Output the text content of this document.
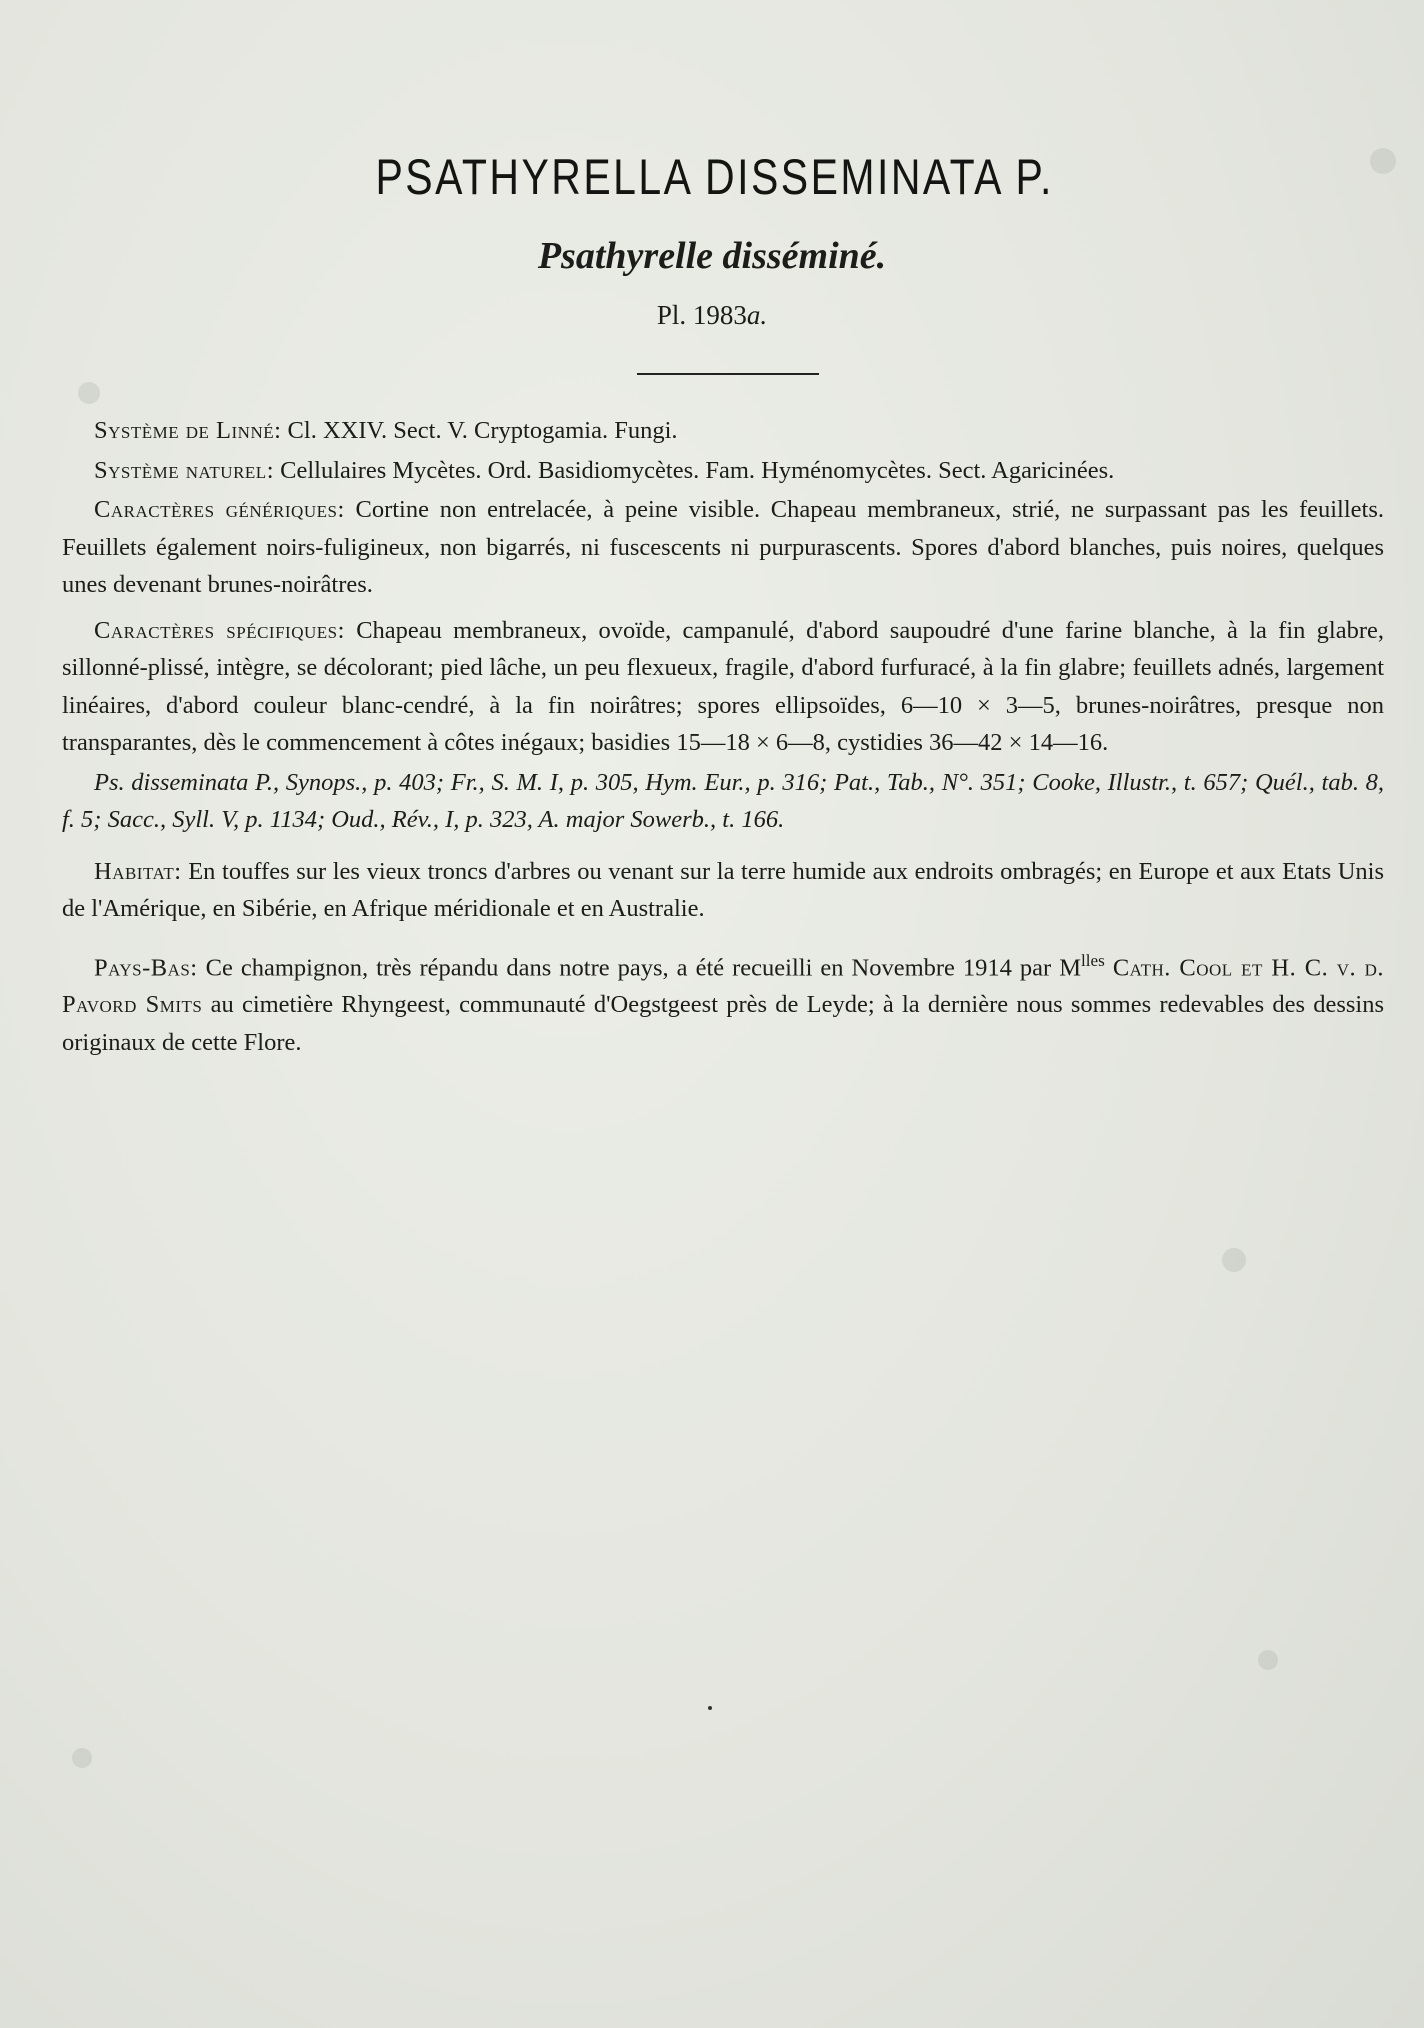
PSATHYRELLA DISSEMINATA P.
Psathyrelle disséminé.

Pl. 1983a.

Système de Linné: Cl. XXIV. Sect. V. Cryptogamia. Fungi.

Système naturel: Cellulaires Mycètes. Ord. Basidiomycètes. Fam. Hyménomycètes. Sect. Agaricinées.

Caractères génériques: Cortine non entrelacée, à peine visible. Chapeau membraneux, strié, ne surpassant pas les feuillets. Feuillets également noirs-fuligineux, non bigarrés, ni fuscescents ni purpurascents. Spores d'abord blanches, puis noires, quelques unes devenant brunes-noirâtres.

Caractères spécifiques: Chapeau membraneux, ovoïde, campanulé, d'abord saupoudré d'une farine blanche, à la fin glabre, sillonné-plissé, intègre, se décolorant; pied lâche, un peu flexueux, fragile, d'abord furfuracé, à la fin glabre; feuillets adnés, largement linéaires, d'abord couleur blanc-cendré, à la fin noirâtres; spores ellipsoïdes, 6—10 × 3—5, brunes-noirâtres, presque non transparantes, dès le commencement à côtes inégaux; basidies 15—18 × 6—8, cystidies 36—42 × 14—16.

Ps. disseminata P., Synops., p. 403; Fr., S. M. I, p. 305, Hym. Eur., p. 316; Pat., Tab., N°. 351; Cooke, Illustr., t. 657; Quél., tab. 8, f. 5; Sacc., Syll. V, p. 1134; Oud., Rév., I, p. 323, A. major Sowerb., t. 166.

Habitat: En touffes sur les vieux troncs d'arbres ou venant sur la terre humide aux endroits ombragés; en Europe et aux Etats Unis de l'Amérique, en Sibérie, en Afrique méridionale et en Australie.

Pays-Bas: Ce champignon, très répandu dans notre pays, a été recueilli en Novembre 1914 par $M^{lles}$ Cath. Cool et H. C. v. d. Pavord Smits au cimetière Rhyngeest, communauté d'Oegstgeest près de Leyde; à la dernière nous sommes redevables des dessins originaux de cette Flore.
